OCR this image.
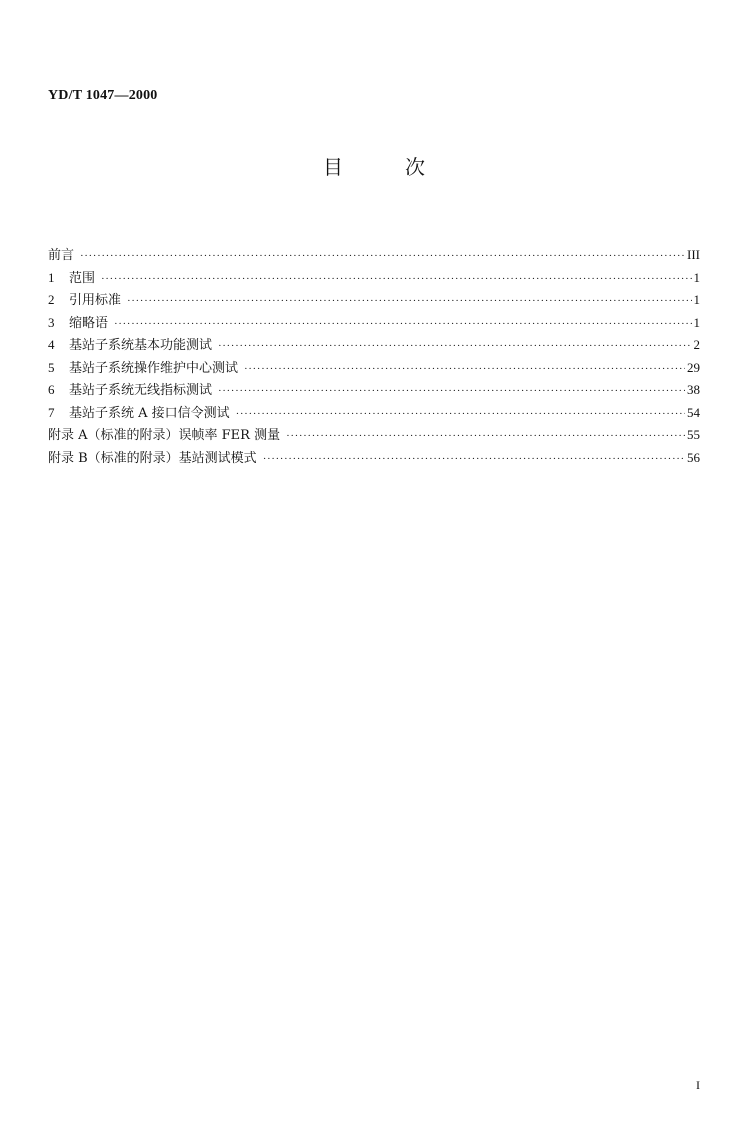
YD/T 1047—2000
目次
前言 ·····	III
1	范围 ·····	1
2	引用标准 ·····	1
3	缩略语 ·····	1
4	基站子系统基本功能测试 ·····	2
5	基站子系统操作维护中心测试 ·····	29
6	基站子系统无线指标测试 ·····	38
7	基站子系统 A 接口信令测试 ·····	54
附录 A（标准的附录）误帧率 FER 测量 ·····	55
附录 B（标准的附录）基站测试模式 ·····	56
I
